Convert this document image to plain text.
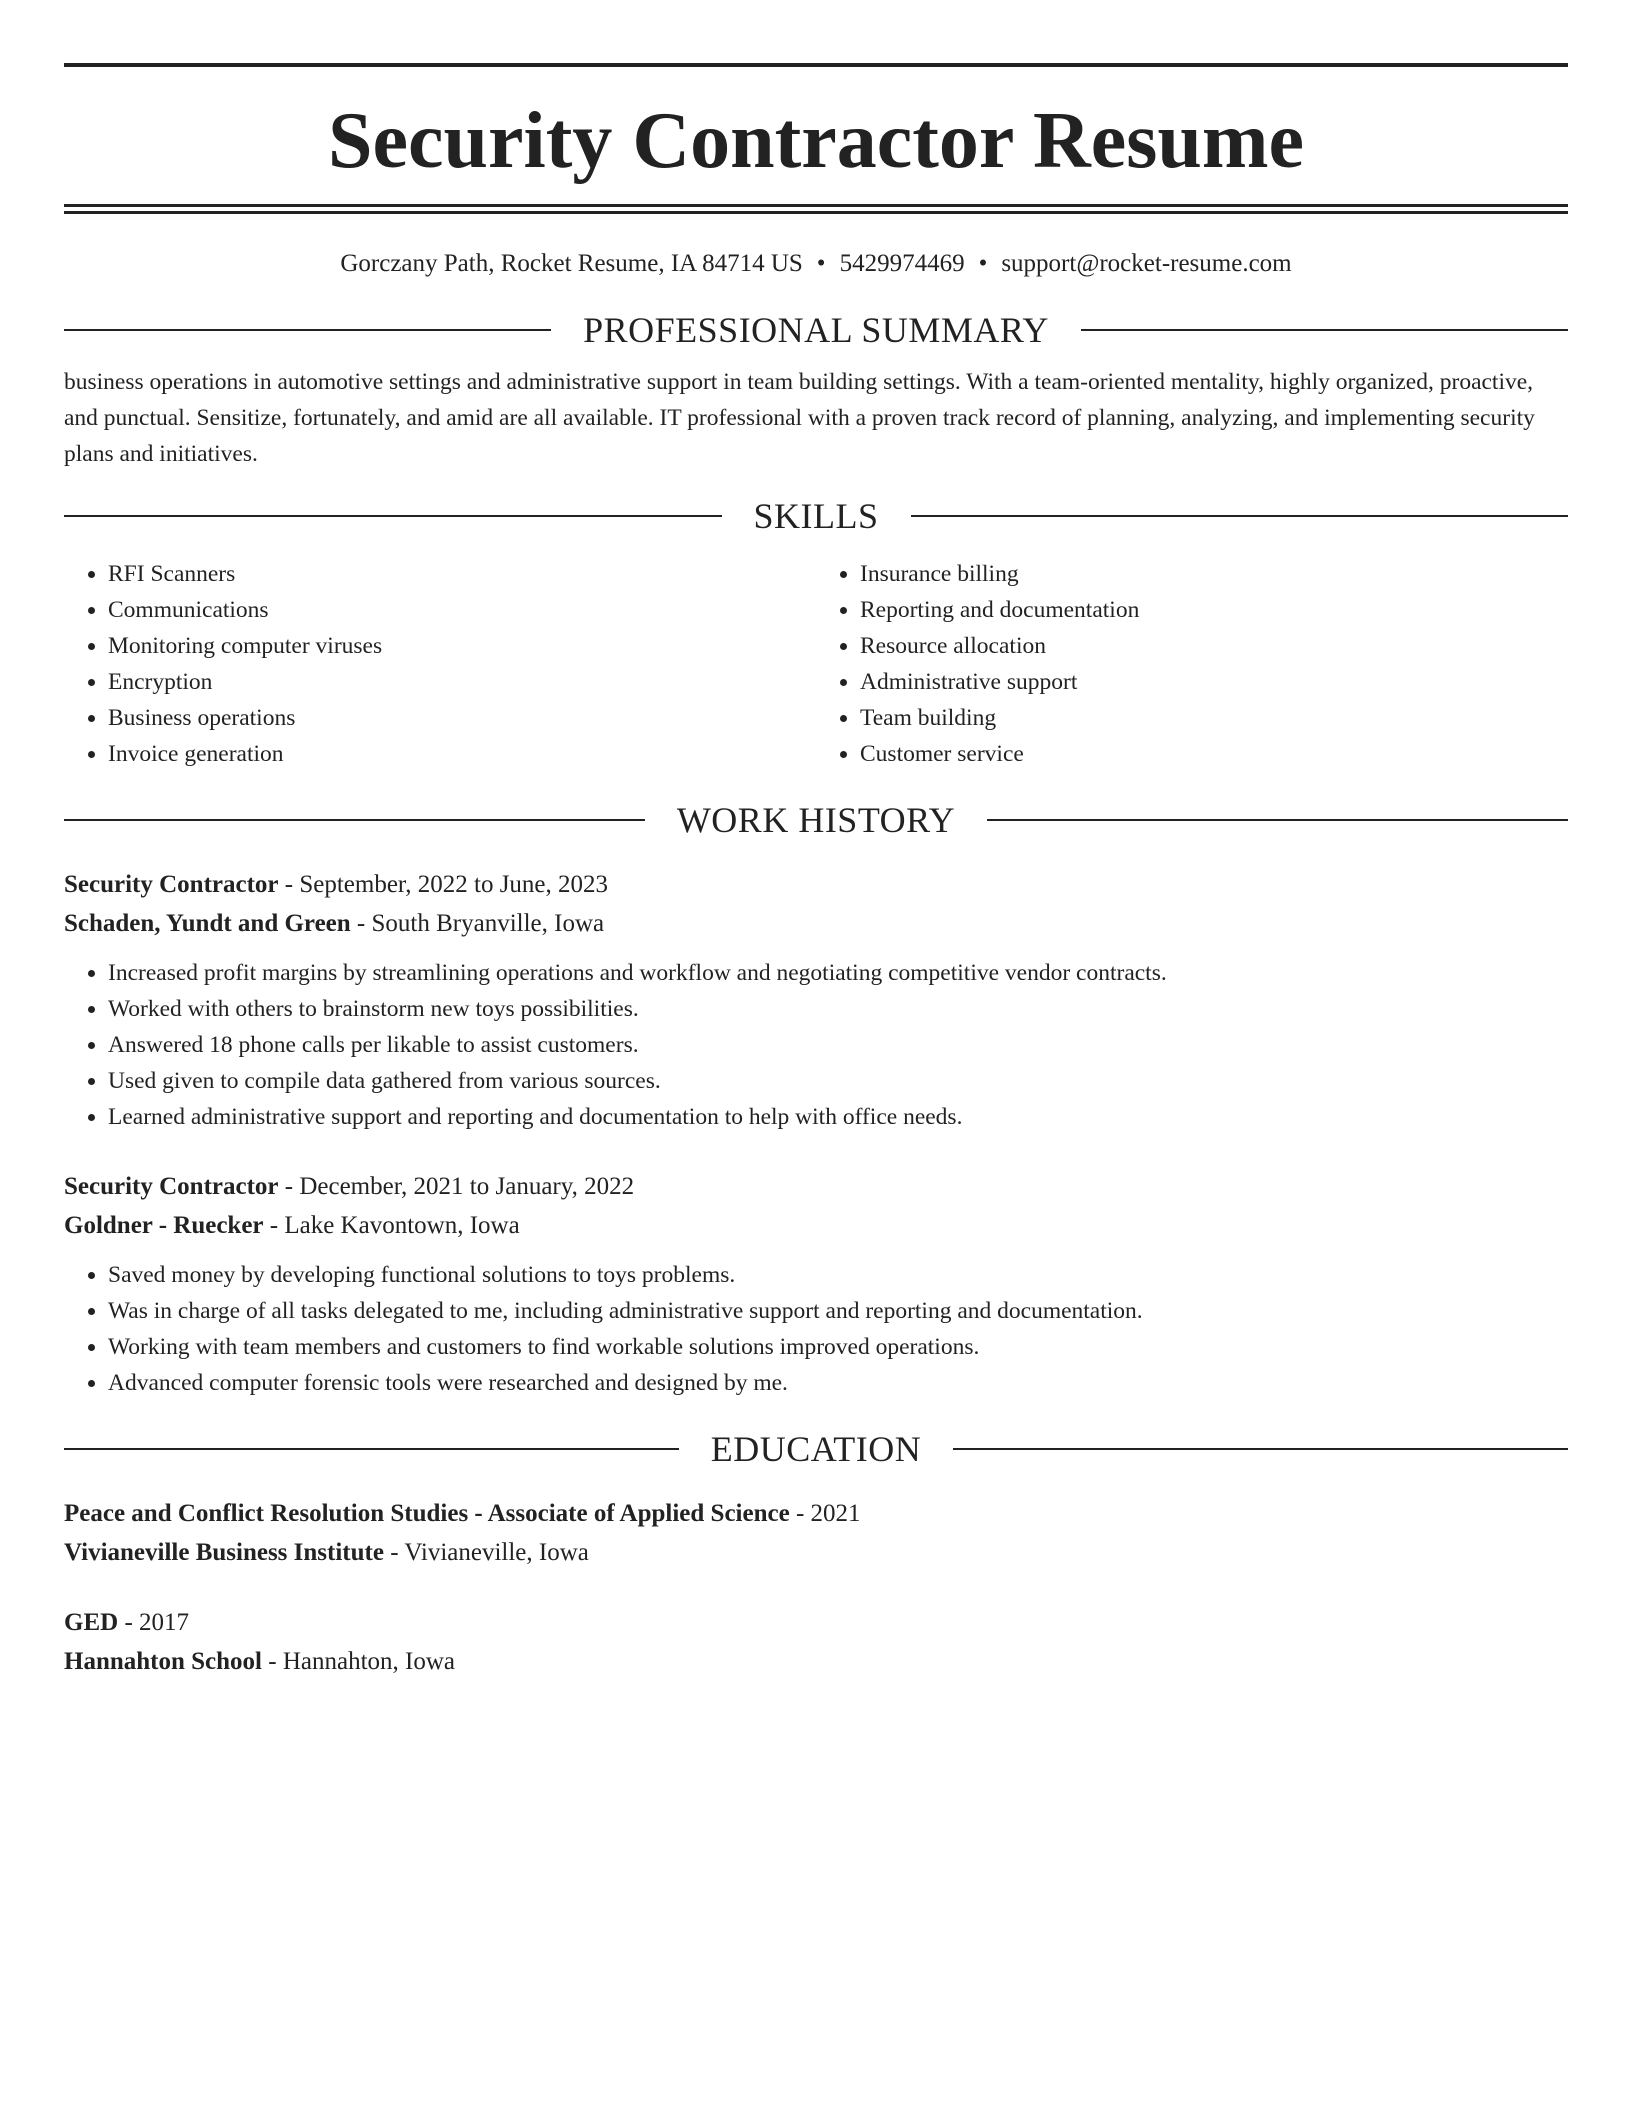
Security Contractor Resume
Gorczany Path, Rocket Resume, IA 84714 US • 5429974469 • support@rocket-resume.com
PROFESSIONAL SUMMARY
business operations in automotive settings and administrative support in team building settings. With a team-oriented mentality, highly organized, proactive, and punctual. Sensitize, fortunately, and amid are all available. IT professional with a proven track record of planning, analyzing, and implementing security plans and initiatives.
SKILLS
• RFI Scanners
• Communications
• Monitoring computer viruses
• Encryption
• Business operations
• Invoice generation
• Insurance billing
• Reporting and documentation
• Resource allocation
• Administrative support
• Team building
• Customer service
WORK HISTORY
Security Contractor - September, 2022 to June, 2023
Schaden, Yundt and Green - South Bryanville, Iowa
• Increased profit margins by streamlining operations and workflow and negotiating competitive vendor contracts.
• Worked with others to brainstorm new toys possibilities.
• Answered 18 phone calls per likable to assist customers.
• Used given to compile data gathered from various sources.
• Learned administrative support and reporting and documentation to help with office needs.
Security Contractor - December, 2021 to January, 2022
Goldner - Ruecker - Lake Kavontown, Iowa
• Saved money by developing functional solutions to toys problems.
• Was in charge of all tasks delegated to me, including administrative support and reporting and documentation.
• Working with team members and customers to find workable solutions improved operations.
• Advanced computer forensic tools were researched and designed by me.
EDUCATION
Peace and Conflict Resolution Studies - Associate of Applied Science - 2021
Vivianeville Business Institute - Vivianeville, Iowa
GED - 2017
Hannahton School - Hannahton, Iowa
